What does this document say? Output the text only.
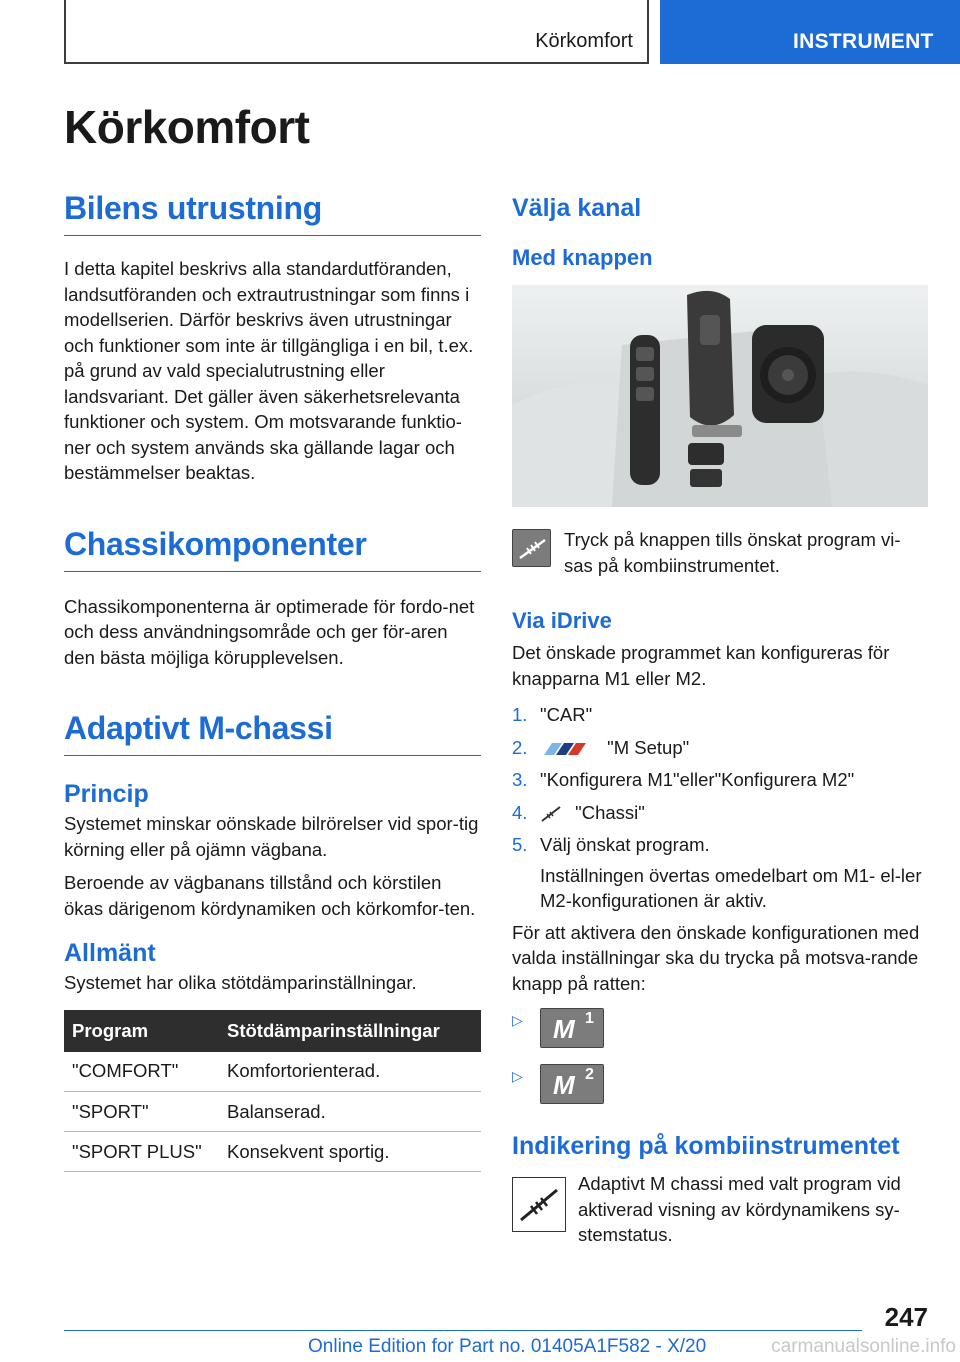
Körkomfort	INSTRUMENT
Körkomfort
Bilens utrustning

I detta kapitel beskrivs alla standardutföranden, landsutföranden och extrautrustningar som finns i modellserien. Därför beskrivs även utrustningar och funktioner som inte är tillgängliga i en bil, t.ex. på grund av vald specialutrustning eller landsvariant. Det gäller även säkerhetsrelevanta funktioner och system. Om motsvarande funktio-ner och system används ska gällande lagar och bestämmelser beaktas.

Chassikomponenter

Chassikomponenterna är optimerade för fordo-net och dess användningsområde och ger för-aren den bästa möjliga körupplevelsen.

Adaptivt M-chassi
Princip

Systemet minskar oönskade bilrörelser vid spor-tig körning eller på ojämn vägbana.

Beroende av vägbanans tillstånd och körstilen ökas därigenom kördynamiken och körkomfor-ten.

Allmänt

Systemet har olika stötdämparinställningar.

Program	Stötdämparinställningar
"COMFORT"	Komfortorienterad.
"SPORT"	Balanserad.
"SPORT PLUS"	Konsekvent sportig.
Välja kanal
Med knappen

Tryck på knappen tills önskat program vi-sas på kombiinstrumentet.

Via iDrive

Det önskade programmet kan konfigureras för knapparna M1 eller M2.

1. "CAR"
2.	"M Setup"
3. "Konfigurera M1"eller"Konfigurera M2"
4.	"Chassi"
5. Välj önskat program.

Inställningen övertas omedelbart om M1- el-ler M2-konfigurationen är aktiv.

För att aktivera den önskade konfigurationen med valda inställningar ska du trycka på motsva-rande knapp på ratten:

▷	M 1
▷	M 2
Indikering på kombiinstrumentet

Adaptivt M chassi med valt program vid aktiverad visning av kördynamikens sy-stemstatus.

247
Online Edition for Part no. 01405A1F582 - X/20	carmanualsonline.info
